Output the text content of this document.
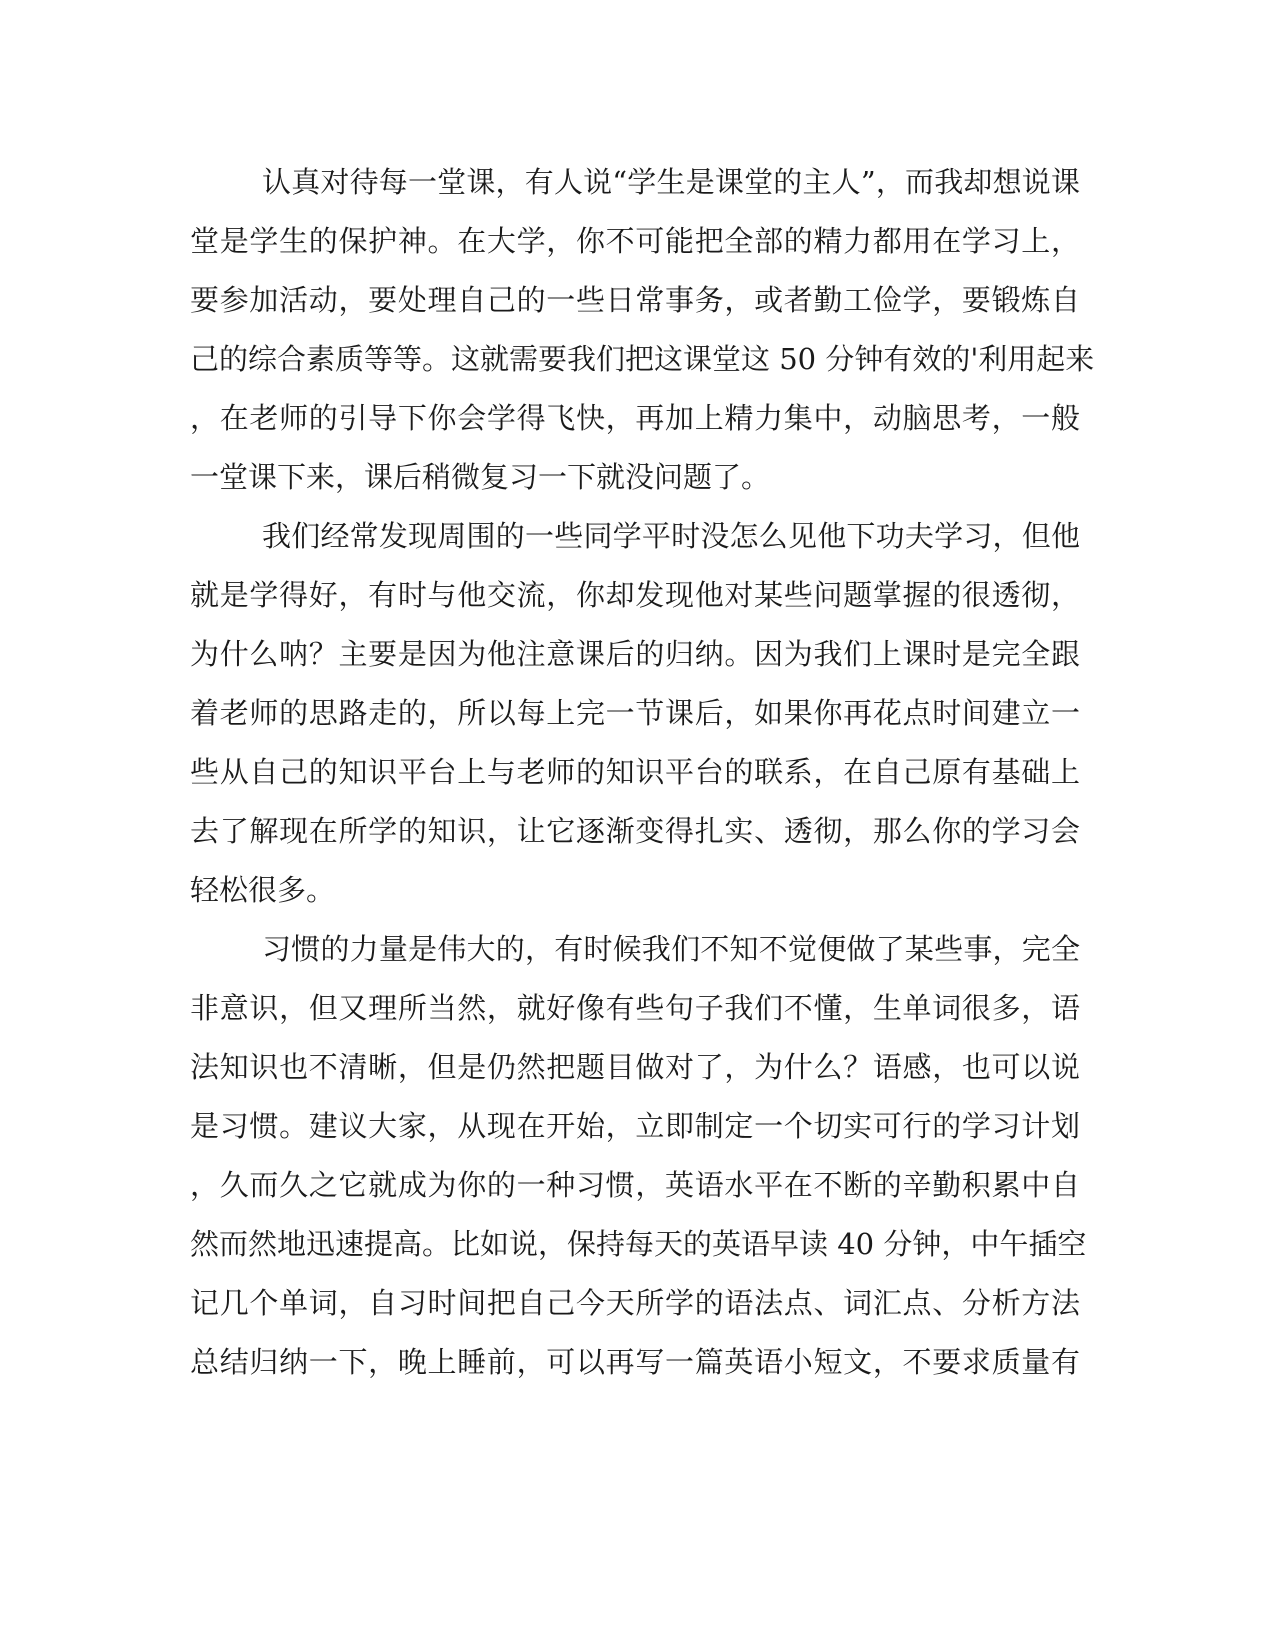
认真对待每一堂课，有人说“学生是课堂的主人”，而我却想说课
堂是学生的保护神。在大学，你不可能把全部的精力都用在学习上，
要参加活动，要处理自己的一些日常事务，或者勤工俭学，要锻炼自
己的综合素质等等。这就需要我们把这课堂这 50 分钟有效的'利用起来
，在老师的引导下你会学得飞快，再加上精力集中，动脑思考，一般
一堂课下来，课后稍微复习一下就没问题了。
我们经常发现周围的一些同学平时没怎么见他下功夫学习，但他
就是学得好，有时与他交流，你却发现他对某些问题掌握的很透彻，
为什么呐？主要是因为他注意课后的归纳。因为我们上课时是完全跟
着老师的思路走的，所以每上完一节课后，如果你再花点时间建立一
些从自己的知识平台上与老师的知识平台的联系，在自己原有基础上
去了解现在所学的知识，让它逐渐变得扎实、透彻，那么你的学习会
轻松很多。
习惯的力量是伟大的，有时候我们不知不觉便做了某些事，完全
非意识，但又理所当然，就好像有些句子我们不懂，生单词很多，语
法知识也不清晰，但是仍然把题目做对了，为什么？语感，也可以说
是习惯。建议大家，从现在开始，立即制定一个切实可行的学习计划
，久而久之它就成为你的一种习惯，英语水平在不断的辛勤积累中自
然而然地迅速提高。比如说，保持每天的英语早读 40 分钟，中午插空
记几个单词，自习时间把自己今天所学的语法点、词汇点、分析方法
总结归纳一下，晚上睡前，可以再写一篇英语小短文，不要求质量有
